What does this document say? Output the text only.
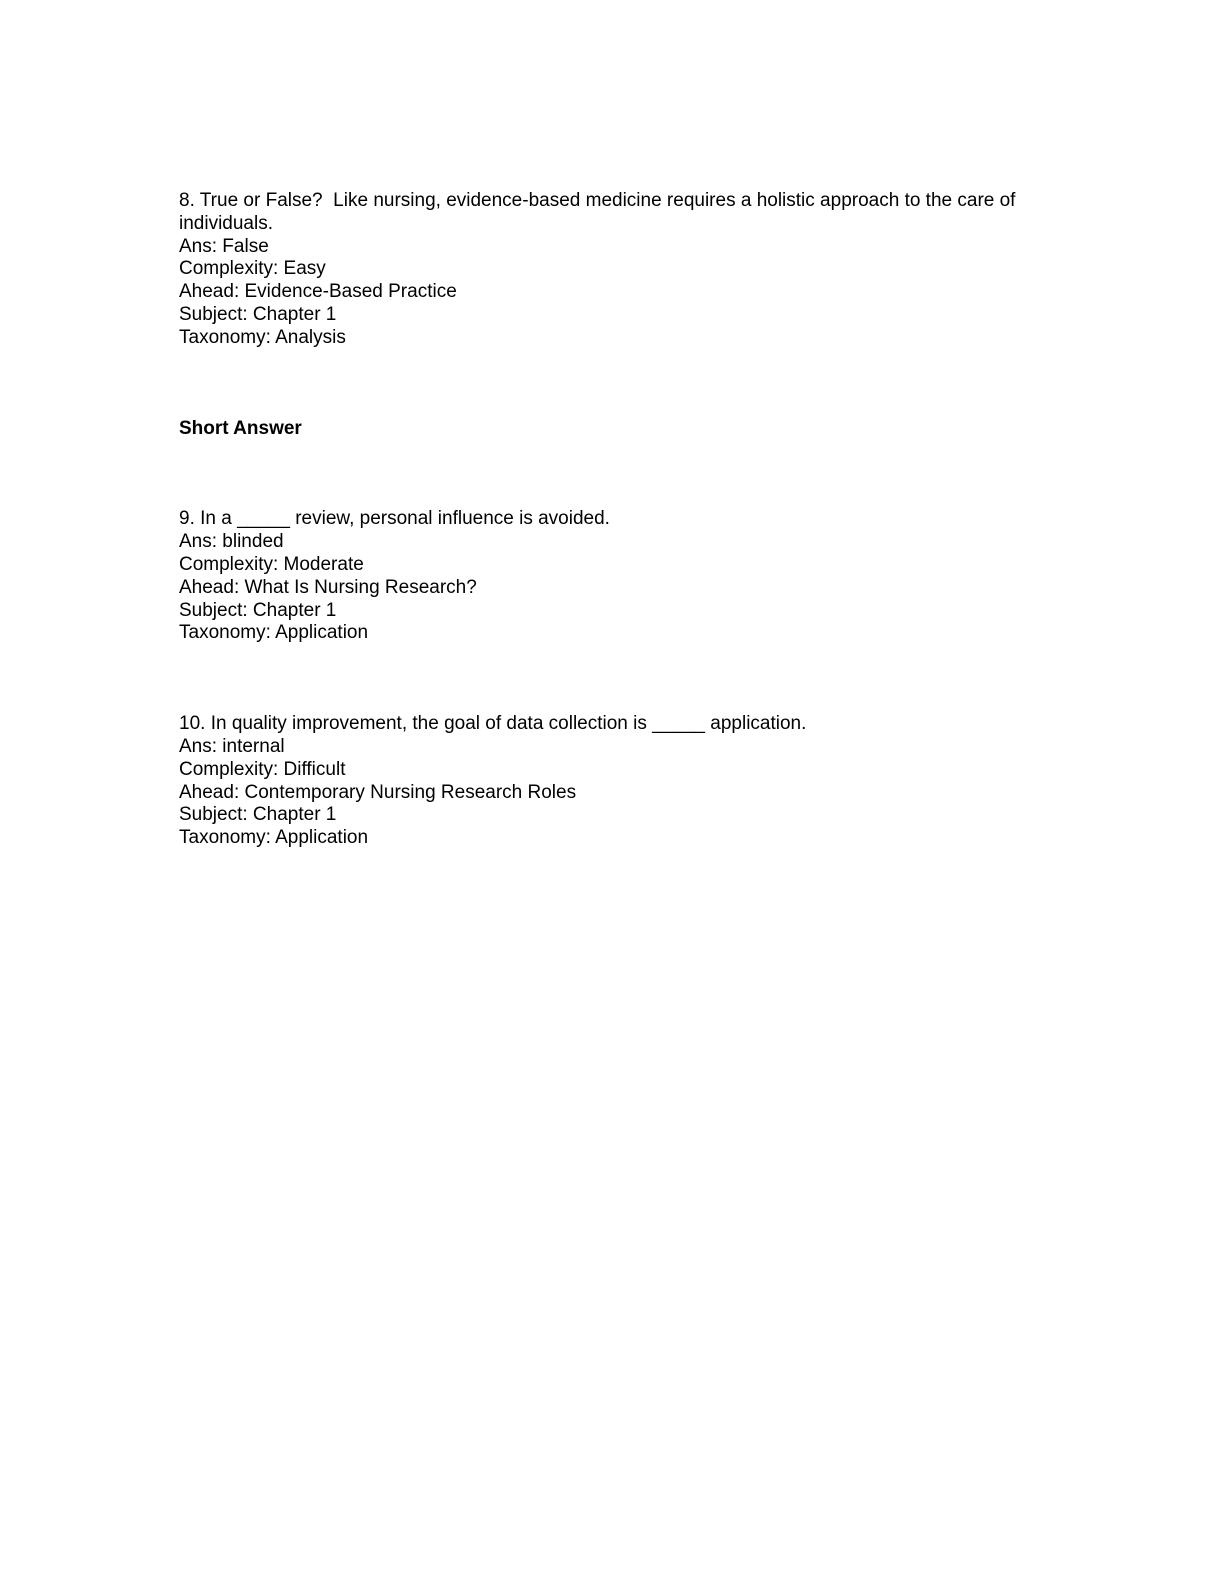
8. True or False?  Like nursing, evidence-based medicine requires a holistic approach to the care of individuals.
Ans: False
Complexity: Easy
Ahead: Evidence-Based Practice
Subject: Chapter 1
Taxonomy: Analysis
Short Answer
9. In a _____ review, personal influence is avoided.
Ans: blinded
Complexity: Moderate
Ahead: What Is Nursing Research?
Subject: Chapter 1
Taxonomy: Application
10. In quality improvement, the goal of data collection is _____ application.
Ans: internal
Complexity: Difficult
Ahead: Contemporary Nursing Research Roles
Subject: Chapter 1
Taxonomy: Application
